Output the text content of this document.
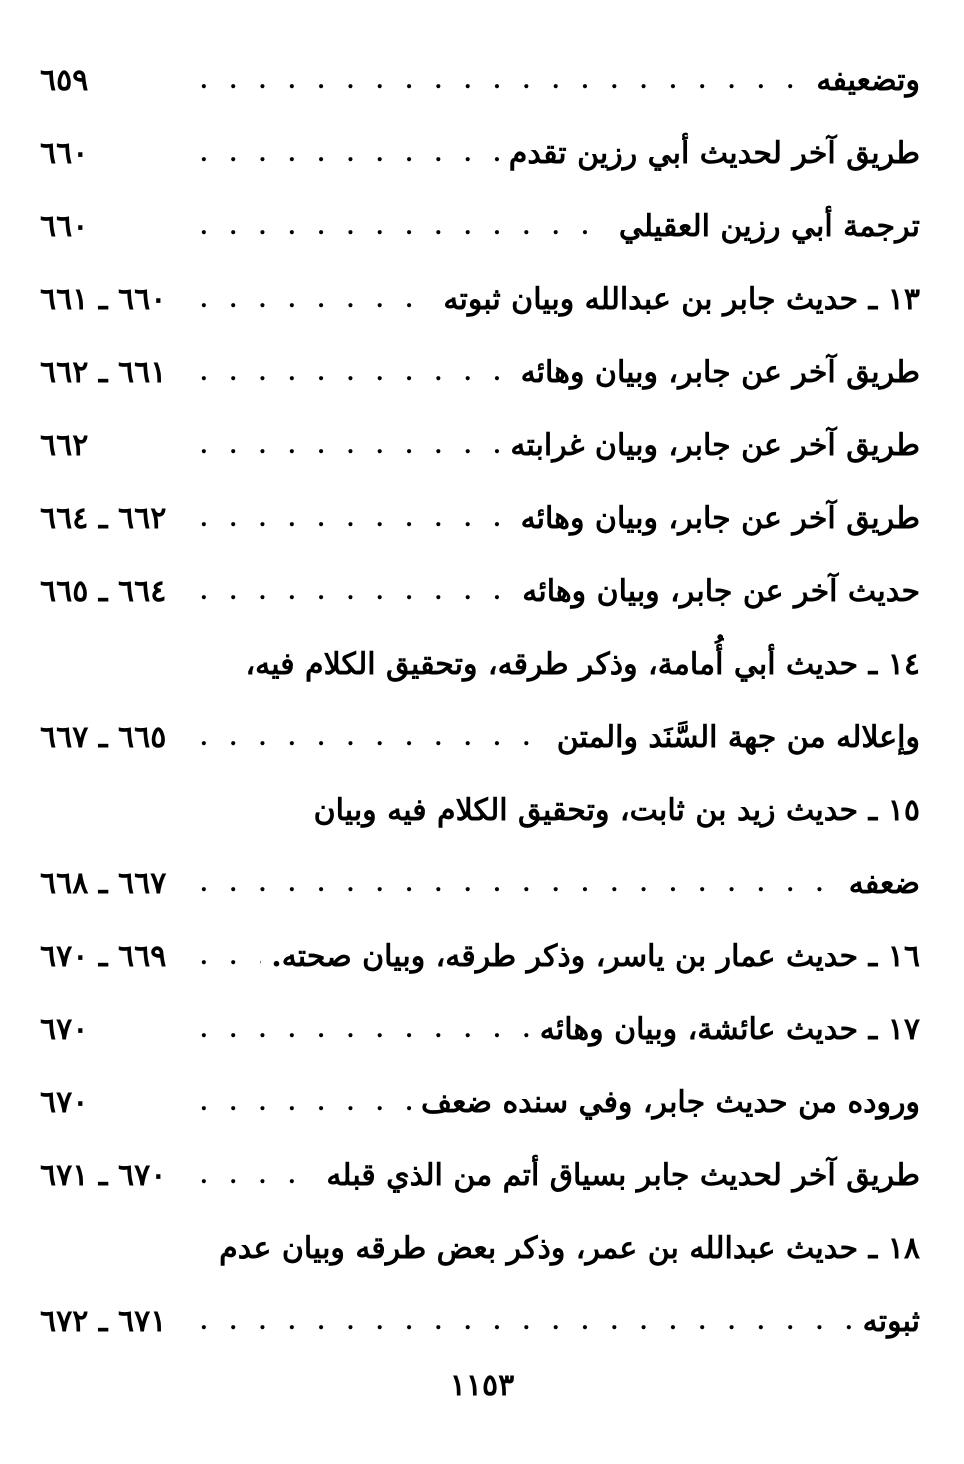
وتضعيفه
. . .
٦٥٩
طريق آخر لحديث أبي رزين تقدم
. . .
٦٦٠
ترجمة أبي رزين العقيلي
. . .
٦٦٠
١٣ ـ حديث جابر بن عبدالله وبيان ثبوته
. . .
٦٦٠ ـ ٦٦١
طريق آخر عن جابر، وبيان وهائه
. . .
٦٦١ ـ ٦٦٢
طريق آخر عن جابر، وبيان غرابته
. . .
٦٦٢
طريق آخر عن جابر، وبيان وهائه
. . .
٦٦٢ ـ ٦٦٤
حديث آخر عن جابر، وبيان وهائه
. . .
٦٦٤ ـ ٦٦٥
١٤ ـ حديث أبي أُمامة، وذكر طرقه، وتحقيق الكلام فيه،
وإعلاله من جهة السَّنَد والمتن
. . .
٦٦٥ ـ ٦٦٧
١٥ ـ حديث زيد بن ثابت، وتحقيق الكلام فيه وبيان
ضعفه
. . .
٦٦٧ ـ ٦٦٨
١٦ ـ حديث عمار بن ياسر، وذكر طرقه، وبيان صحته.
. . .
٦٦٩ ـ ٦٧٠
١٧ ـ حديث عائشة، وبيان وهائه
. . .
٦٧٠
وروده من حديث جابر، وفي سنده ضعف
. . .
٦٧٠
طريق آخر لحديث جابر بسياق أتم من الذي قبله
. . .
٦٧٠ ـ ٦٧١
١٨ ـ حديث عبدالله بن عمر، وذكر بعض طرقه وبيان عدم
ثبوته
. . .
٦٧١ ـ ٦٧٢
١١٥٣
